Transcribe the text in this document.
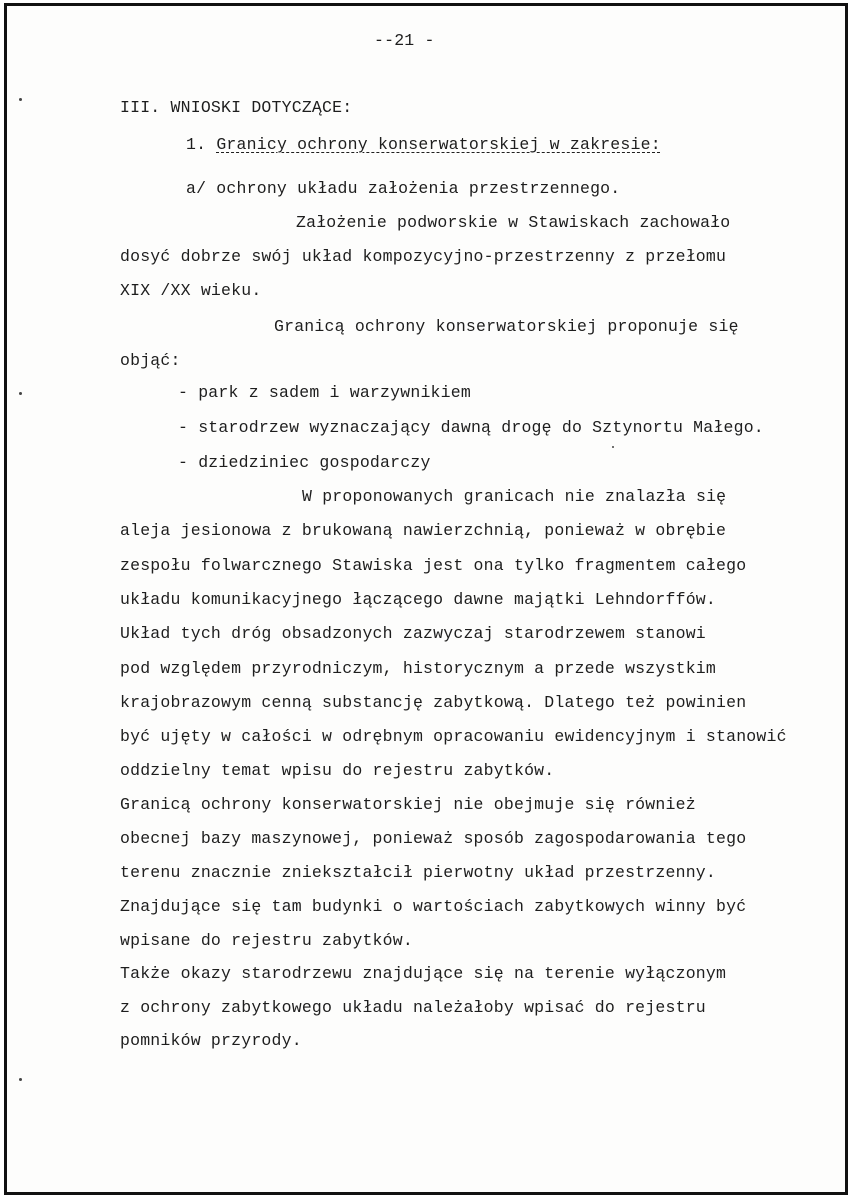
--21 -
III. WNIOSKI DOTYCZĄCE:
1. Granicy ochrony konserwatorskiej w zakresie:
a/ ochrony układu założenia przestrzennego.
Założenie podworskie w Stawiskach zachowało
dosyć dobrze swój układ kompozycyjno-przestrzenny z przełomu
XIX /XX wieku.
Granicą ochrony konserwatorskiej proponuje się
objąć:
- park z sadem i warzywnikiem
- starodrzew wyznaczający dawną drogę do Sztynortu Małego.
- dziedziniec gospodarczy
W proponowanych granicach nie znalazła się
aleja jesionowa z brukowaną nawierzchnią, ponieważ w obrębie
zespołu folwarcznego Stawiska jest ona tylko fragmentem całego
układu komunikacyjnego łączącego dawne majątki Lehndorffów.
Układ tych dróg obsadzonych zazwyczaj starodrzewem stanowi
pod względem przyrodniczym, historycznym a przede wszystkim
krajobrazowym cenną substancję zabytkową. Dlatego też powinien
być ujęty w całości w odrębnym opracowaniu ewidencyjnym i stanowić
oddzielny temat wpisu do rejestru zabytków.
Granicą ochrony konserwatorskiej nie obejmuje się również
obecnej bazy maszynowej, ponieważ sposób zagospodarowania tego
terenu znacznie zniekształcił pierwotny układ przestrzenny.
Znajdujące się tam budynki o wartościach zabytkowych winny być
wpisane do rejestru zabytków.
Także okazy starodrzewu znajdujące się na terenie wyłączonym
z ochrony zabytkowego układu należałoby wpisać do rejestru
pomników przyrody.
